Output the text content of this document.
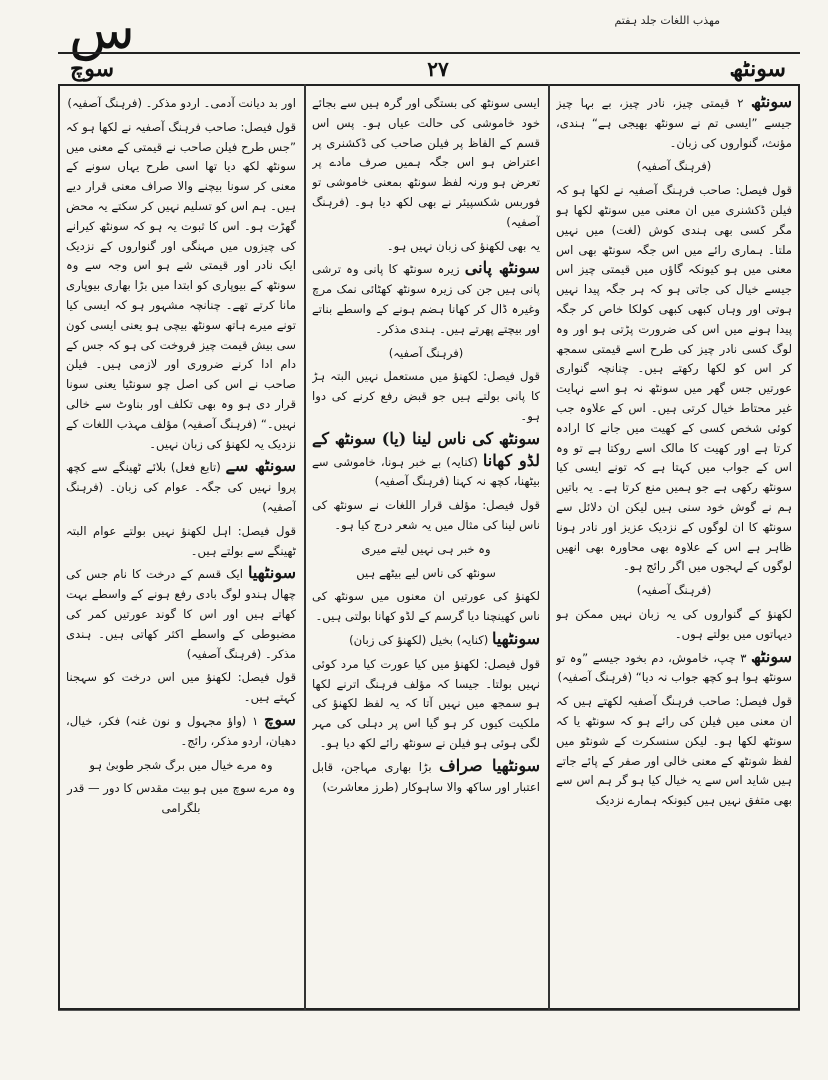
مهذب اللغات جلد ہفتم
س
سوچ	۲۷	سونٹھ

اور بد دیانت آدمی۔ اردو مذکر۔ (فرہنگ آصفیہ)

قول فیصل: صاحب فرہنگ آصفیہ نے لکھا ہو کہ ”جس طرح فیلن صاحب نے قیمتی کے معنی میں سونٹھ لکھ دیا تھا اسی طرح یہاں سونے کے معنی کر سونا بیچنے والا صراف معنی قرار دیے ہیں۔ ہم اس کو تسلیم نہیں کر سکتے یہ محض گھڑت ہو۔ اس کا ثبوت یہ ہو کہ سونٹھ کیرانے کی چیزوں میں مہنگی اور گنواروں کے نزدیک ایک نادر اور قیمتی شے ہو اس وجہ سے وہ سونٹھ کے بیوپاری کو ابتدا میں بڑا بھاری بیوپاری مانا کرتے تھے۔ چنانچہ مشہور ہو کہ ایسی کیا تونے میرے ہاتھ سونٹھ بیچی ہو یعنی ایسی کون سی بیش قیمت چیز فروخت کی ہو کہ جس کے دام ادا کرنے ضروری اور لازمی ہیں۔ فیلن صاحب نے اس کی اصل چو سونٹیا یعنی سونا قرار دی ہو وہ بھی تکلف اور بناوٹ سے خالی نہیں۔“ (فرہنگ آصفیہ) مؤلف مہذب اللغات کے نزدیک یہ لکھنؤ کی زبان نہیں۔

سونٹھ سے (تابع فعل) بلائے ٹھینگے سے کچھ پروا نہیں کی جگہ۔ عوام کی زبان۔ (فرہنگ آصفیہ)

قول فیصل: اہل لکھنؤ نہیں بولتے عوام البتہ ٹھینگے سے بولتے ہیں۔

سونٹھیا ایک قسم کے درخت کا نام جس کی چھال ہندو لوگ بادی رفع ہونے کے واسطے بہت کھاتے ہیں اور اس کا گوند عورتیں کمر کی مضبوطی کے واسطے اکثر کھاتی ہیں۔ ہندی مذکر۔ (فرہنگ آصفیہ)

قول فیصل: لکھنؤ میں اس درخت کو سہجنا کہتے ہیں۔

سوچ ۱ (واؤ مجہول و نون غنہ) فکر، خیال، دھیان، اردو مذکر، رائج۔

وہ مرے خیال میں برگ شجر طوبیٰ ہو

وہ مرے سوچ میں ہو بیت مقدس کا دور — قدر بلگرامی

ایسی سونٹھ کی بستگی اور گرہ ہیں سے بجائے خود خاموشی کی حالت عیاں ہو۔ پس اس قسم کے الفاظ پر فیلن صاحب کی ڈکشنری پر اعتراض ہو اس جگہ ہمیں صرف مادے پر تعرض ہو ورنہ لفظ سونٹھ بمعنی خاموشی تو فوربس شکسپیئر نے بھی لکھ دیا ہو۔ (فرہنگ آصفیہ)

یہ بھی لکھنؤ کی زبان نہیں ہو۔

سونٹھ پانی زیرہ سونٹھ کا پانی وہ ترشی پانی ہیں جن کی زیرہ سونٹھ کھٹائی نمک مرچ وغیرہ ڈال کر کھانا ہضم ہونے کے واسطے بناتے اور بیچتے پھرتے ہیں۔ ہندی مذکر۔

(فرہنگ آصفیہ)

قول فیصل: لکھنؤ میں مستعمل نہیں البتہ ہڑ کا پانی بولتے ہیں جو قبض رفع کرنے کی دوا ہو۔

سونٹھ کی ناس لینا (یا) سونٹھ کے لڈو کھانا (کنایہ) بے خبر ہونا، خاموشی سے بیٹھنا، کچھ نہ کہنا (فرہنگ آصفیہ)

قول فیصل: مؤلف قرار اللغات نے سونٹھ کی ناس لینا کی مثال میں یہ شعر درج کیا ہو۔

وہ خبر ہی نہیں لیتے میری

سونٹھ کی ناس لیے بیٹھے ہیں

لکھنؤ کی عورتیں ان معنوں میں سونٹھ کی ناس کھینچنا دیا گرسم کے لڈو کھانا بولتی ہیں۔

سونٹھیا (کنایہ) بخیل (لکھنؤ کی زبان)

قول فیصل: لکھنؤ میں کیا عورت کیا مرد کوئی نہیں بولتا۔ جیسا کہ مؤلف فرہنگ اترنے لکھا ہو سمجھ میں نہیں آتا کہ یہ لفظ لکھنؤ کی ملکیت کیوں کر ہو گیا اس پر دہلی کی مہر لگی ہوئی ہو فیلن نے سونٹھ رائے لکھ دیا ہو۔

سونٹھیا صراف بڑا بھاری مہاجن، قابل اعتبار اور ساکھ والا ساہوکار (طرز معاشرت)

سونٹھ ۲ قیمتی چیز، نادر چیز، بے بہا چیز جیسے ”ایسی تم نے سونٹھ بھیجی ہے“ ہندی، مؤنث، گنواروں کی زبان۔

(فرہنگ آصفیہ)

قول فیصل: صاحب فرہنگ آصفیہ نے لکھا ہو کہ فیلن ڈکشنری میں ان معنی میں سونٹھ لکھا ہو مگر کسی بھی ہندی کوش (لغت) میں نہیں ملتا۔ ہماری رائے میں اس جگہ سونٹھ بھی اس معنی میں ہو کیونکہ گاؤں میں قیمتی چیز اس جیسے خیال کی جاتی ہو کہ ہر جگہ پیدا نہیں ہوتی اور وہاں کبھی کبھی کولکا خاص کر جگہ پیدا ہونے میں اس کی ضرورت پڑتی ہو اور وہ لوگ کسی نادر چیز کی طرح اسے قیمتی سمجھ کر اس کو لکھا رکھتے ہیں۔ چنانچہ گنواری عورتیں جس گھر میں سونٹھ نہ ہو اسے نہایت غیر محتاط خیال کرتی ہیں۔ اس کے علاوہ جب کوئی شخص کسی کے کھیت میں جانے کا ارادہ کرتا ہے اور کھیت کا مالک اسے روکتا ہے تو وہ اس کے جواب میں کہتا ہے کہ تونے ایسی کیا سونٹھ رکھی ہے جو ہمیں منع کرتا ہے۔ یہ باتیں ہم نے گوش خود سنی ہیں لیکن ان دلائل سے سونٹھ کا ان لوگوں کے نزدیک عزیز اور نادر ہونا ظاہر ہے اس کے علاوہ بھی محاورہ بھی انھیں لوگوں کے لہجوں میں اگر رائج ہو۔

(فرہنگ آصفیہ)

لکھنؤ کے گنواروں کی یہ زبان نہیں ممکن ہو دیہاتوں میں بولتے ہوں۔

سونٹھ ۳ چپ، خاموش، دم بخود جیسے ”وہ تو سونٹھ ہوا ہو کچھ جواب نہ دیا“ (فرہنگ آصفیہ)

قول فیصل: صاحب فرہنگ آصفیہ لکھتے ہیں کہ ان معنی میں فیلن کی رائے ہو کہ سونٹھ یا کہ سونٹھ لکھا ہو۔ لیکن سنسکرت کے شونٹو میں لفظ شونٹھ کے معنی خالی اور صفر کے پائے جاتے ہیں شاید اس سے یہ خیال کیا ہو گر ہم اس سے بھی متفق نہیں ہیں کیونکہ ہمارے نزدیک
